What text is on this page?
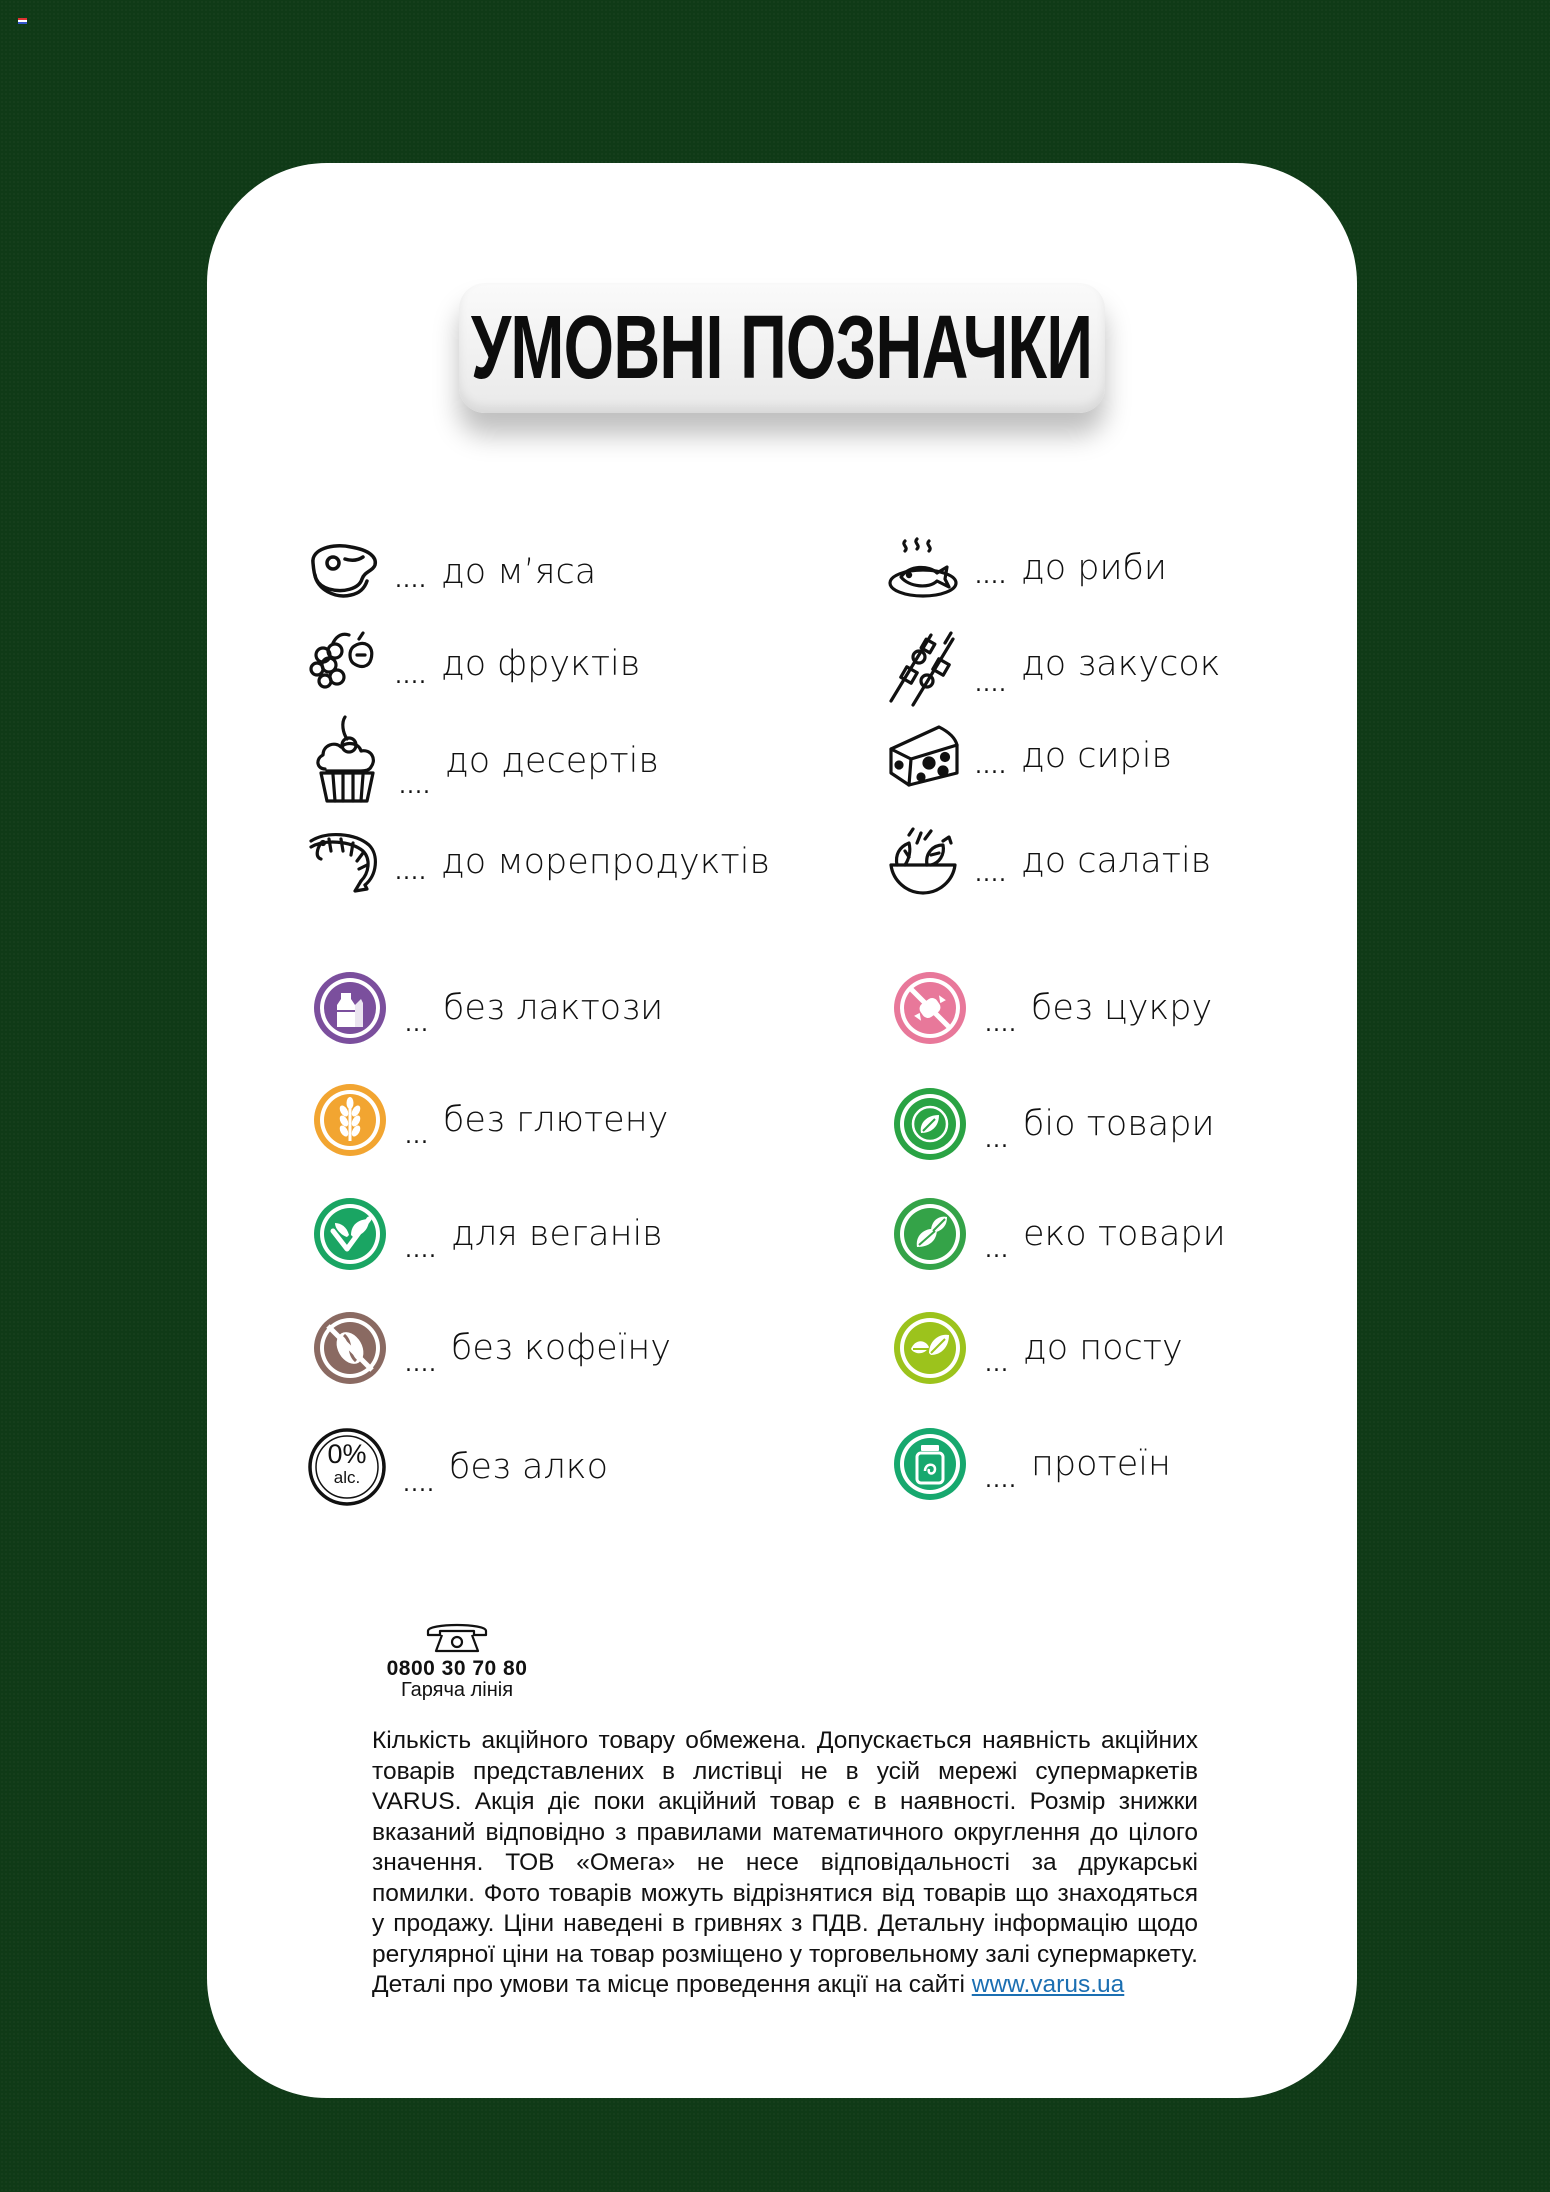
УМОВНІ ПОЗНАЧКИ
.... до м’яса
.... до фруктів
....
до десертів
.... до морепродуктів
.... до риби
....
до закусок
.... до сирів
.... до салатів
... без лактози
... без глютену
.... для веганів
.... без кофеїну
0%
alc.	.... без алко
.... без цукру
... біо товари
... еко товари
... до посту
.... протеїн
0800 30 70 80
Гаряча лінія
Кількість акційного товару обмежена. Допускається наявність акційних товарів представлених в листівці не в усій мережі супермаркетів VARUS. Акція діє поки акційний товар є в наявності. Розмір знижки вказаний відповідно з правилами математичного округлення до цілого значення. ТОВ «Омега» не несе відповідальності за друкарські помилки. Фото товарів можуть відрізнятися від товарів що знаходяться у продажу. Ціни наведені в гривнях з ПДВ. Детальну інформацію щодо регулярної ціни на товар розміщено у торговельному залі супермаркету. Деталі про умови та місце проведення акції на сайті www.varus.ua
